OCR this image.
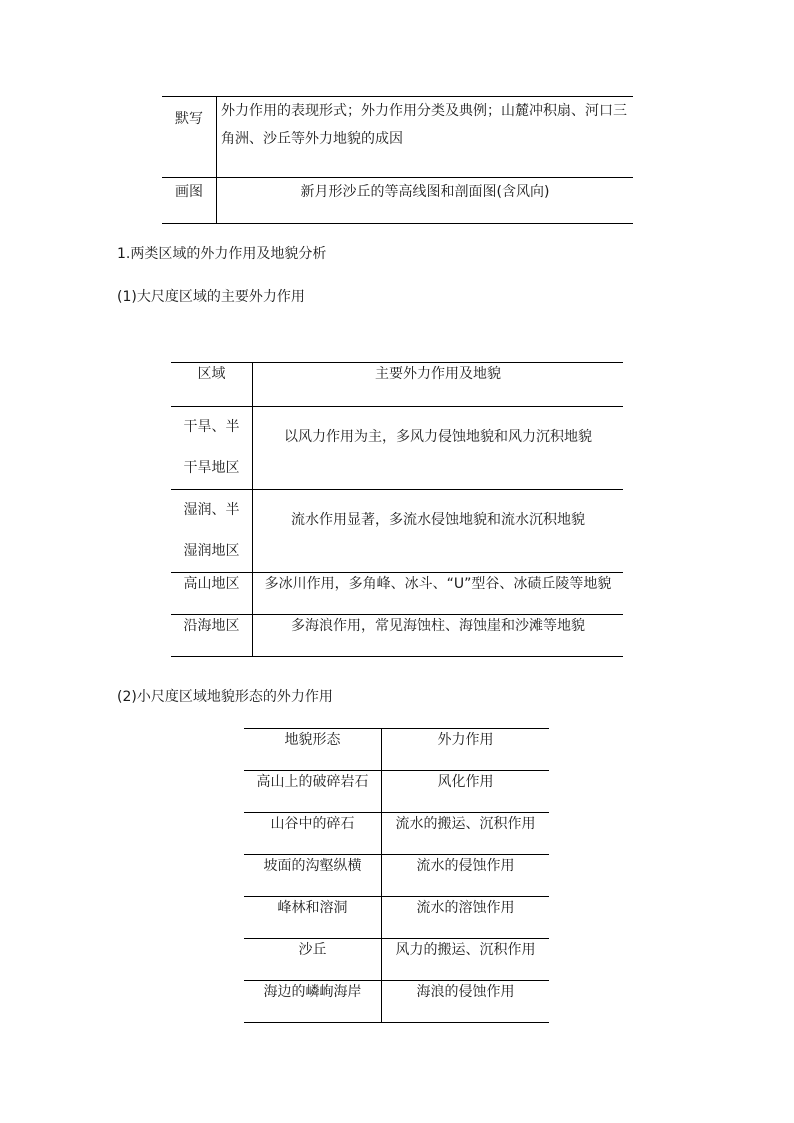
默写	外力作用的表现形式；外力作用分类及典例；山麓冲积扇、河口三角洲、沙丘等外力地貌的成因
画图	新月形沙丘的等高线图和剖面图(含风向)
1.两类区域的外力作用及地貌分析
(1)大尺度区域的主要外力作用
区域	主要外力作用及地貌

干旱、半
干旱地区	以风力作用为主，多风力侵蚀地貌和风力沉积地貌

湿润、半
湿润地区	流水作用显著，多流水侵蚀地貌和流水沉积地貌
高山地区	多冰川作用，多角峰、冰斗、“U”型谷、冰碛丘陵等地貌
沿海地区	多海浪作用，常见海蚀柱、海蚀崖和沙滩等地貌
(2)小尺度区域地貌形态的外力作用
地貌形态	外力作用
高山上的破碎岩石	风化作用
山谷中的碎石	流水的搬运、沉积作用
坡面的沟壑纵横	流水的侵蚀作用
峰林和溶洞	流水的溶蚀作用
沙丘	风力的搬运、沉积作用
海边的嶙峋海岸	海浪的侵蚀作用
